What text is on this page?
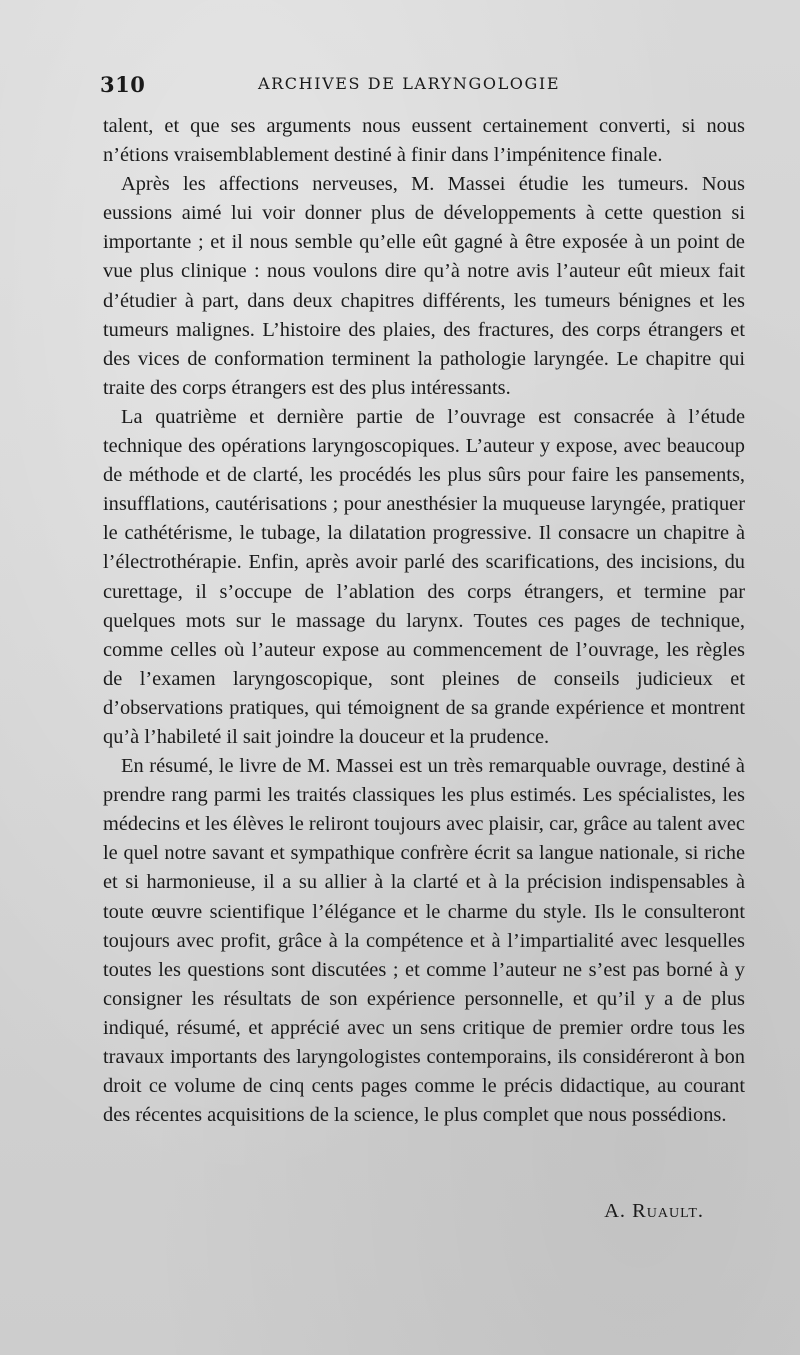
310	ARCHIVES DE LARYNGOLOGIE

talent, et que ses arguments nous eussent certainement converti, si nous n’étions vraisemblablement destiné à finir dans l’impénitence finale.

Après les affections nerveuses, M. Massei étudie les tumeurs. Nous eussions aimé lui voir donner plus de développements à cette question si importante ; et il nous semble qu’elle eût gagné à être exposée à un point de vue plus clinique : nous voulons dire qu’à notre avis l’auteur eût mieux fait d’étudier à part, dans deux chapitres différents, les tumeurs bénignes et les tumeurs malignes. L’histoire des plaies, des fractures, des corps étrangers et des vices de conformation terminent la pathologie laryngée. Le chapitre qui traite des corps étrangers est des plus intéressants.

La quatrième et dernière partie de l’ouvrage est consacrée à l’étude technique des opérations laryngoscopiques. L’auteur y expose, avec beaucoup de méthode et de clarté, les procédés les plus sûrs pour faire les pansements, insufflations, cautérisations ; pour anesthésier la muqueuse laryngée, pratiquer le cathétérisme, le tubage, la dilatation progressive. Il consacre un chapitre à l’électrothérapie. Enfin, après avoir parlé des scarifications, des incisions, du curettage, il s’occupe de l’ablation des corps étrangers, et termine par quelques mots sur le massage du larynx. Toutes ces pages de technique, comme celles où l’auteur expose au commencement de l’ouvrage, les règles de l’examen laryngoscopique, sont pleines de conseils judicieux et d’observations pratiques, qui témoignent de sa grande expérience et montrent qu’à l’habileté il sait joindre la douceur et la prudence.

En résumé, le livre de M. Massei est un très remarquable ouvrage, destiné à prendre rang parmi les traités classiques les plus estimés. Les spécialistes, les médecins et les élèves le reliront toujours avec plaisir, car, grâce au talent avec le quel notre savant et sympathique confrère écrit sa langue nationale, si riche et si harmonieuse, il a su allier à la clarté et à la précision indispensables à toute œuvre scientifique l’élégance et le charme du style. Ils le consulteront toujours avec profit, grâce à la compétence et à l’impartialité avec lesquelles toutes les questions sont discutées ; et comme l’auteur ne s’est pas borné à y consigner les résultats de son expérience personnelle, et qu’il y a de plus indiqué, résumé, et apprécié avec un sens critique de premier ordre tous les travaux importants des laryngologistes contemporains, ils considéreront à bon droit ce volume de cinq cents pages comme le précis didactique, au courant des récentes acquisitions de la science, le plus complet que nous possédions.

A. Ruault.
